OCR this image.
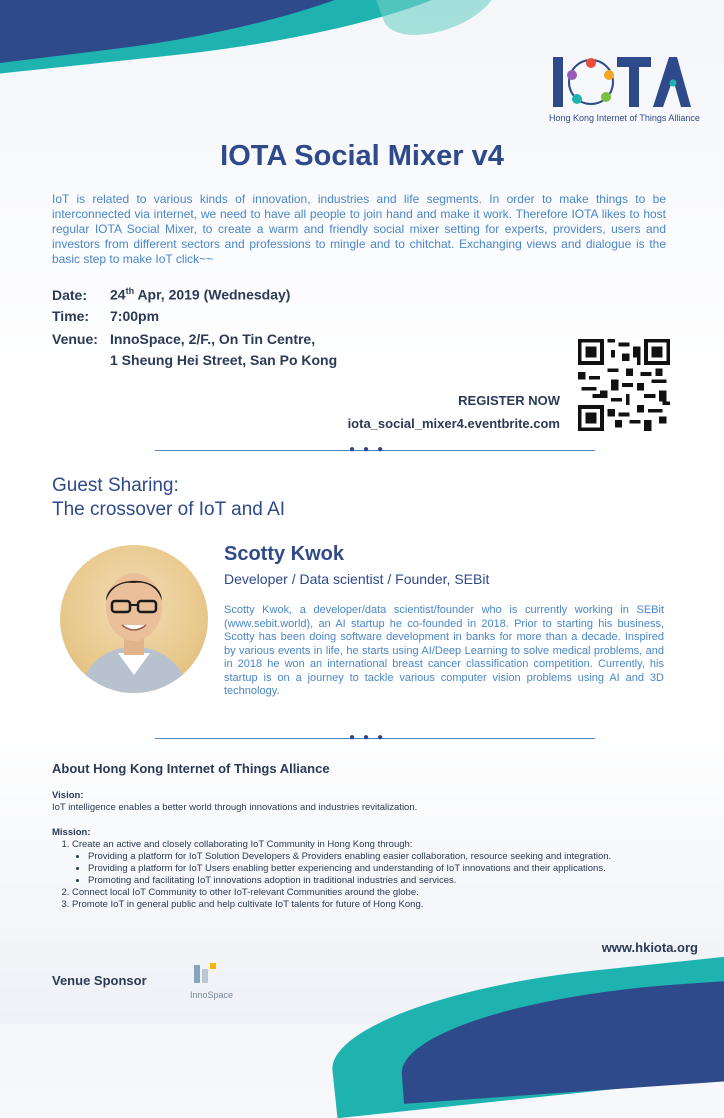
Hong Kong Internet of Things Alliance
IOTA Social Mixer v4
IoT is related to various kinds of innovation, industries and life segments. In order to make things to be interconnected via internet, we need to have all people to join hand and make it work. Therefore IOTA likes to host regular IOTA Social Mixer, to create a warm and friendly social mixer setting for experts, providers, users and investors from different sectors and professions to mingle and to chitchat. Exchanging views and dialogue is the basic step to make IoT click~~
Date: 24th Apr, 2019 (Wednesday)
Time: 7:00pm
Venue: InnoSpace, 2/F., On Tin Centre,
1 Sheung Hei Street, San Po Kong
REGISTER NOW
iota_social_mixer4.eventbrite.com
●●●
Guest Sharing:
The crossover of IoT and AI
Scotty Kwok
Developer / Data scientist / Founder, SEBit
Scotty Kwok, a developer/data scientist/founder who is currently working in SEBit (www.sebit.world), an AI startup he co-founded in 2018. Prior to starting his business, Scotty has been doing software development in banks for more than a decade. Inspired by various events in life, he starts using AI/Deep Learning to solve medical problems, and in 2018 he won an international breast cancer classification competition. Currently, his startup is on a journey to tackle various computer vision problems using AI and 3D technology.
●●●
About Hong Kong Internet of Things Alliance
Vision:
IoT intelligence enables a better world through innovations and industries revitalization.
Mission:
1. Create an active and closely collaborating IoT Community in Hong Kong through:
• Providing a platform for IoT Solution Developers & Providers enabling easier collaboration, resource seeking and integration.
• Providing a platform for IoT Users enabling better experiencing and understanding of IoT innovations and their applications.
• Promoting and facilitating IoT innovations adoption in traditional industries and services.
2. Connect local IoT Community to other IoT-relevant Communities around the globe.
3. Promote IoT in general public and help cultivate IoT talents for future of Hong Kong.
www.hkiota.org
Venue Sponsor
InnoSpace
